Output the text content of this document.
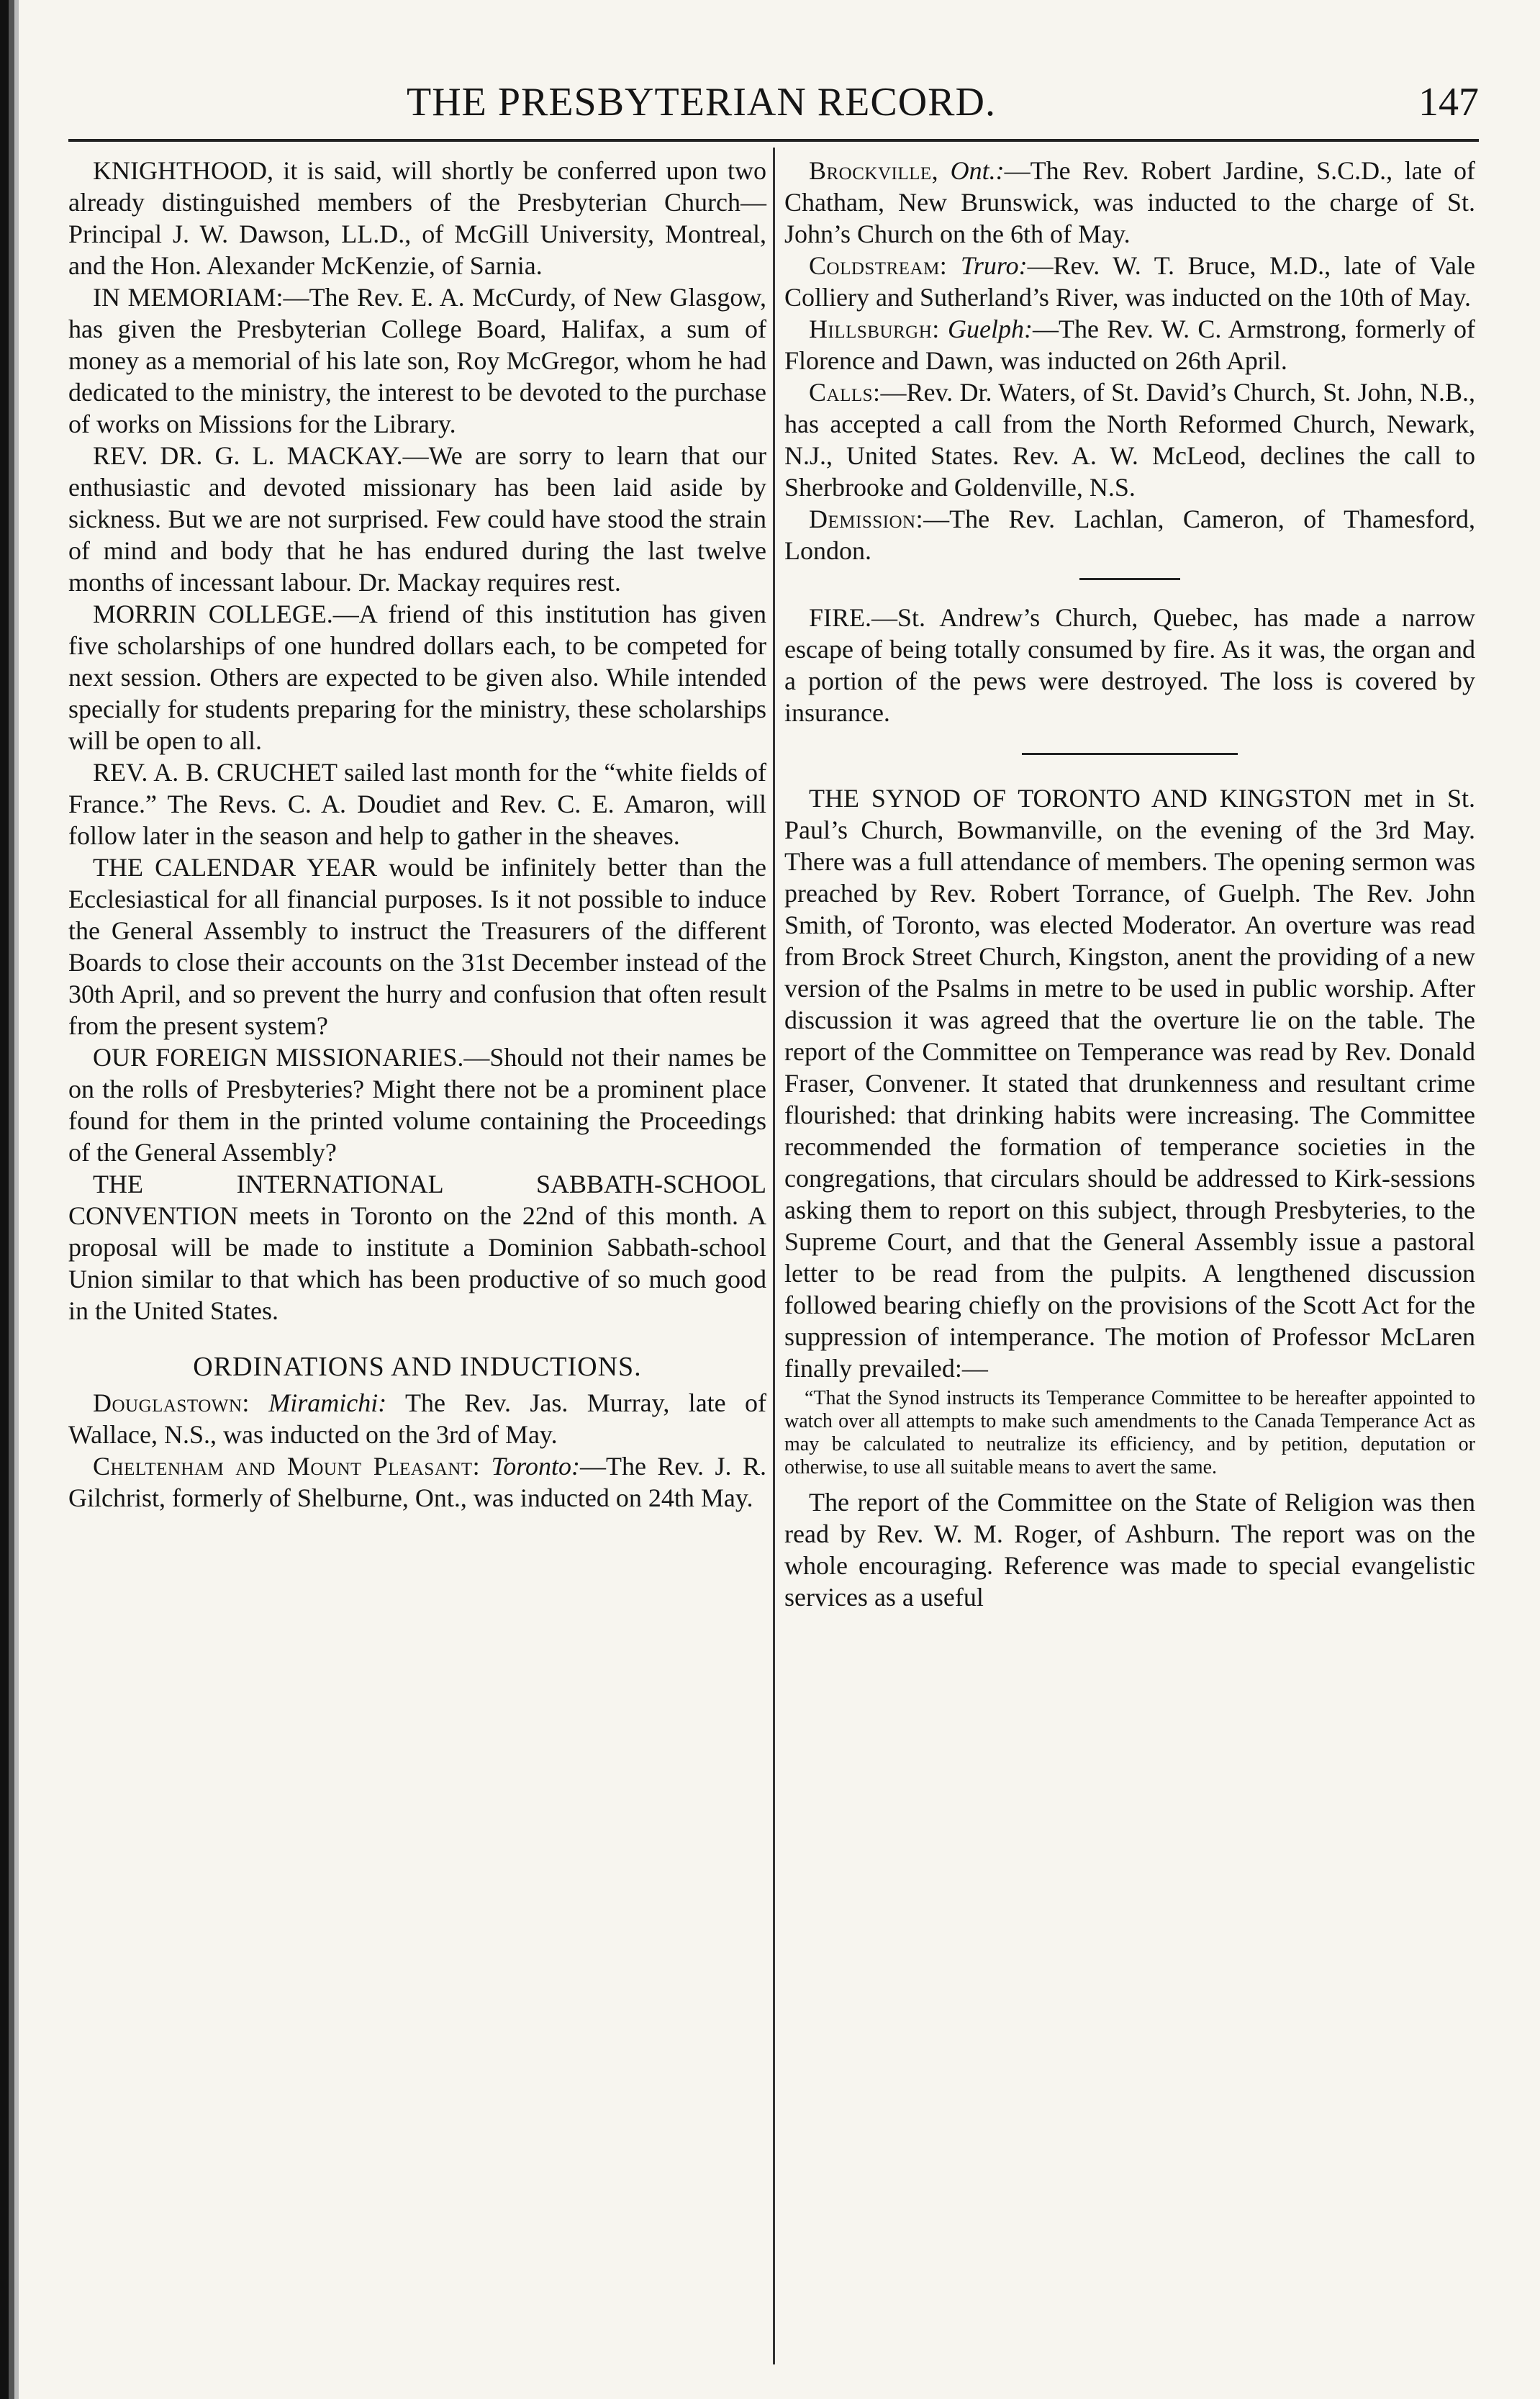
THE PRESBYTERIAN RECORD.	147

KNIGHTHOOD, it is said, will shortly be conferred upon two already distinguished members of the Presbyterian Church—Principal J. W. Dawson, LL.D., of McGill University, Montreal, and the Hon. Alexander McKenzie, of Sarnia.

IN MEMORIAM:—The Rev. E. A. McCurdy, of New Glasgow, has given the Presbyterian College Board, Halifax, a sum of money as a memorial of his late son, Roy McGregor, whom he had dedicated to the ministry, the interest to be devoted to the purchase of works on Missions for the Library.

REV. DR. G. L. MACKAY.—We are sorry to learn that our enthusiastic and devoted missionary has been laid aside by sickness. But we are not surprised. Few could have stood the strain of mind and body that he has endured during the last twelve months of incessant labour. Dr. Mackay requires rest.

MORRIN COLLEGE.—A friend of this institution has given five scholarships of one hundred dollars each, to be competed for next session. Others are expected to be given also. While intended specially for students preparing for the ministry, these scholarships will be open to all.

REV. A. B. CRUCHET sailed last month for the “white fields of France.” The Revs. C. A. Doudiet and Rev. C. E. Amaron, will follow later in the season and help to gather in the sheaves.

THE CALENDAR YEAR would be infinitely better than the Ecclesiastical for all financial purposes. Is it not possible to induce the General Assembly to instruct the Treasurers of the different Boards to close their accounts on the 31st December instead of the 30th April, and so prevent the hurry and confusion that often result from the present system?

OUR FOREIGN MISSIONARIES.—Should not their names be on the rolls of Presbyteries? Might there not be a prominent place found for them in the printed volume containing the Proceedings of the General Assembly?

THE INTERNATIONAL SABBATH-SCHOOL CONVENTION meets in Toronto on the 22nd of this month. A proposal will be made to institute a Dominion Sabbath-school Union similar to that which has been productive of so much good in the United States.

ORDINATIONS AND INDUCTIONS.

Douglastown: Miramichi: The Rev. Jas. Murray, late of Wallace, N.S., was inducted on the 3rd of May.

Cheltenham and Mount Pleasant: Toronto:—The Rev. J. R. Gilchrist, formerly of Shelburne, Ont., was inducted on 24th May.

Brockville, Ont.:—The Rev. Robert Jardine, S.C.D., late of Chatham, New Brunswick, was inducted to the charge of St. John’s Church on the 6th of May.

Coldstream: Truro:—Rev. W. T. Bruce, M.D., late of Vale Colliery and Sutherland’s River, was inducted on the 10th of May.

Hillsburgh: Guelph:—The Rev. W. C. Armstrong, formerly of Florence and Dawn, was inducted on 26th April.

Calls:—Rev. Dr. Waters, of St. David’s Church, St. John, N.B., has accepted a call from the North Reformed Church, Newark, N.J., United States. Rev. A. W. McLeod, declines the call to Sherbrooke and Goldenville, N.S.

Demission:—The Rev. Lachlan, Cameron, of Thamesford, London.

FIRE.—St. Andrew’s Church, Quebec, has made a narrow escape of being totally consumed by fire. As it was, the organ and a portion of the pews were destroyed. The loss is covered by insurance.

THE SYNOD OF TORONTO AND KINGSTON met in St. Paul’s Church, Bowmanville, on the evening of the 3rd May. There was a full attendance of members. The opening sermon was preached by Rev. Robert Torrance, of Guelph. The Rev. John Smith, of Toronto, was elected Moderator. An overture was read from Brock Street Church, Kingston, anent the providing of a new version of the Psalms in metre to be used in public worship. After discussion it was agreed that the overture lie on the table. The report of the Committee on Temperance was read by Rev. Donald Fraser, Convener. It stated that drunkenness and resultant crime flourished: that drinking habits were increasing. The Committee recommended the formation of temperance societies in the congregations, that circulars should be addressed to Kirk-sessions asking them to report on this subject, through Presbyteries, to the Supreme Court, and that the General Assembly issue a pastoral letter to be read from the pulpits. A lengthened discussion followed bearing chiefly on the provisions of the Scott Act for the suppression of intemperance. The motion of Professor McLaren finally prevailed:—

“That the Synod instructs its Temperance Committee to be hereafter appointed to watch over all attempts to make such amendments to the Canada Temperance Act as may be calculated to neutralize its efficiency, and by petition, deputation or otherwise, to use all suitable means to avert the same.

The report of the Committee on the State of Religion was then read by Rev. W. M. Roger, of Ashburn. The report was on the whole encouraging. Reference was made to special evangelistic services as a useful
